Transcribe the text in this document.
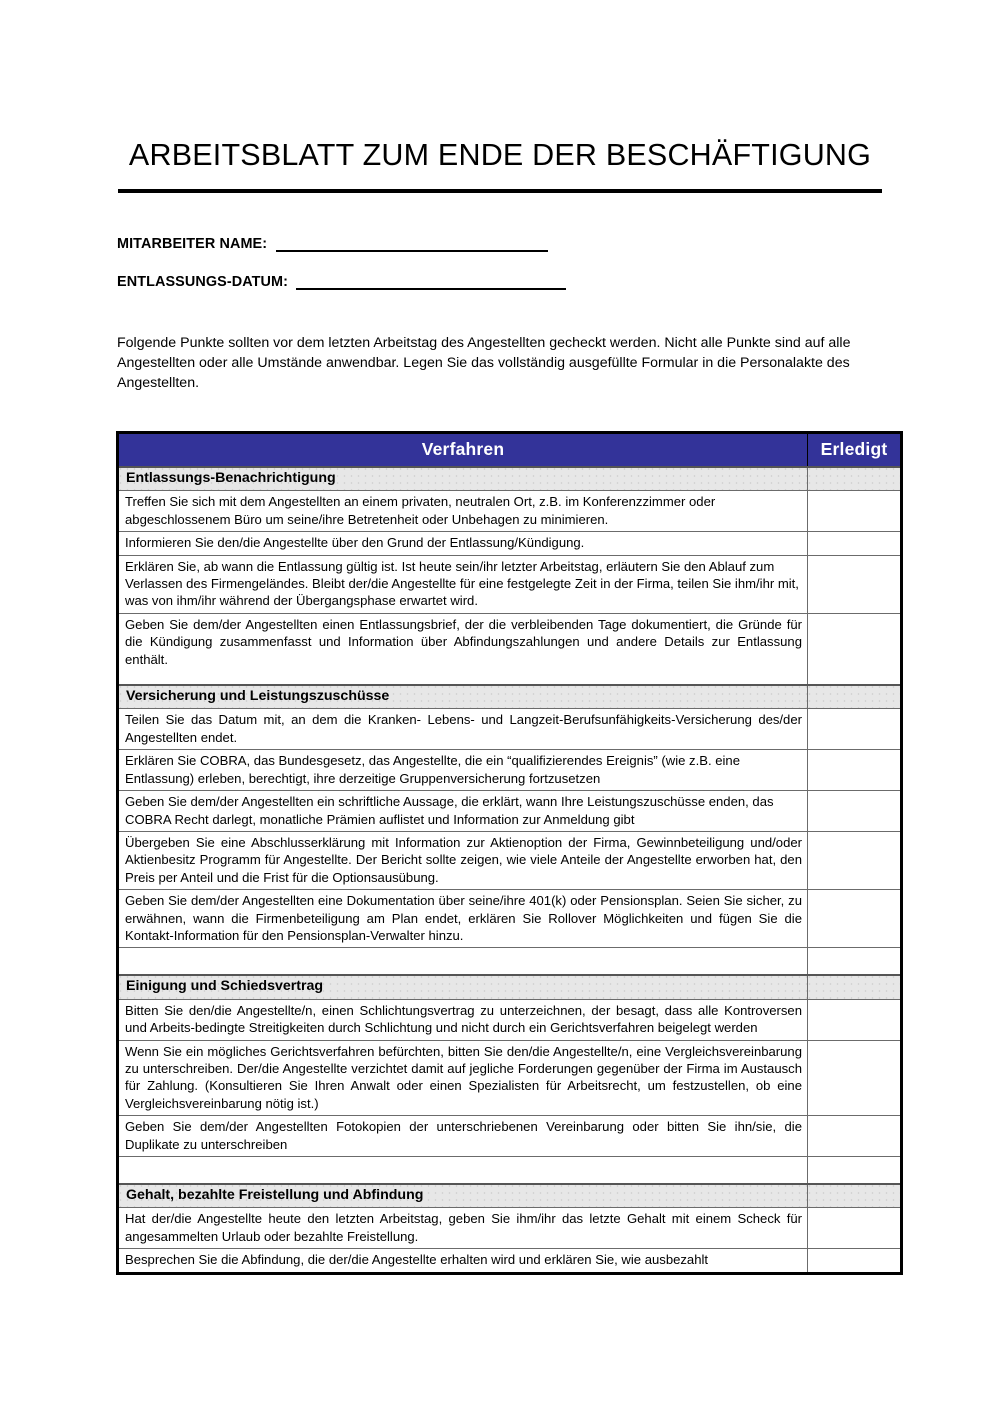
ARBEITSBLATT ZUM ENDE DER BESCHÄFTIGUNG
MITARBEITER NAME:
ENTLASSUNGS-DATUM:

Folgende Punkte sollten vor dem letzten Arbeitstag des Angestellten gecheckt werden. Nicht alle Punkte sind auf alle Angestellten oder alle Umstände anwendbar. Legen Sie das vollständig ausgefüllte Formular in die Personalakte des Angestellten.

Verfahren	Erledigt
Entlassungs-Benachrichtigung	
Treffen Sie sich mit dem Angestellten an einem privaten, neutralen Ort, z.B. im Konferenzzimmer oder abgeschlossenem Büro um seine/ihre Betretenheit oder Unbehagen zu minimieren.	
Informieren Sie den/die Angestellte über den Grund der Entlassung/Kündigung.	
Erklären Sie, ab wann die Entlassung gültig ist. Ist heute sein/ihr letzter Arbeitstag, erläutern Sie den Ablauf zum Verlassen des Firmengeländes. Bleibt der/die Angestellte für eine festgelegte Zeit in der Firma, teilen Sie ihm/ihr mit, was von ihm/ihr während der Übergangsphase erwartet wird.	
Geben Sie dem/der Angestellten einen Entlassungsbrief, der die verbleibenden Tage dokumentiert, die Gründe für die Kündigung zusammenfasst und Information über Abfindungszahlungen und andere Details zur Entlassung enthält.	
Versicherung und Leistungszuschüsse	
Teilen Sie das Datum mit, an dem die Kranken- Lebens- und Langzeit-Berufsunfähigkeits-Versicherung des/der Angestellten endet.	
Erklären Sie COBRA, das Bundesgesetz, das Angestellte, die ein “qualifizierendes Ereignis” (wie z.B. eine Entlassung) erleben, berechtigt, ihre derzeitige Gruppenversicherung fortzusetzen	
Geben Sie dem/der Angestellten ein schriftliche Aussage, die erklärt, wann Ihre Leistungszuschüsse enden, das COBRA Recht darlegt, monatliche Prämien auflistet und Information zur Anmeldung gibt	
Übergeben Sie eine Abschlusserklärung mit Information zur Aktienoption der Firma, Gewinnbeteiligung und/oder Aktienbesitz Programm für Angestellte. Der Bericht sollte zeigen, wie viele Anteile der Angestellte erworben hat, den Preis per Anteil und die Frist für die Optionsausübung.	
Geben Sie dem/der Angestellten eine Dokumentation über seine/ihre 401(k) oder Pensionsplan. Seien Sie sicher, zu erwähnen, wann die Firmenbeteiligung am Plan endet, erklären Sie Rollover Möglichkeiten und fügen Sie die Kontakt-Information für den Pensionsplan-Verwalter hinzu.	

Einigung und Schiedsvertrag	
Bitten Sie den/die Angestellte/n, einen Schlichtungsvertrag zu unterzeichnen, der besagt, dass alle Kontroversen und Arbeits-bedingte Streitigkeiten durch Schlichtung und nicht durch ein Gerichtsverfahren beigelegt werden	
Wenn Sie ein mögliches Gerichtsverfahren befürchten, bitten Sie den/die Angestellte/n, eine Vergleichsvereinbarung zu unterschreiben. Der/die Angestellte verzichtet damit auf jegliche Forderungen gegenüber der Firma im Austausch für Zahlung. (Konsultieren Sie Ihren Anwalt oder einen Spezialisten für Arbeitsrecht, um festzustellen, ob eine Vergleichsvereinbarung nötig ist.)	
Geben Sie dem/der Angestellten Fotokopien der unterschriebenen Vereinbarung oder bitten Sie ihn/sie, die Duplikate zu unterschreiben	

Gehalt, bezahlte Freistellung und Abfindung	
Hat der/die Angestellte heute den letzten Arbeitstag, geben Sie ihm/ihr das letzte Gehalt mit einem Scheck für angesammelten Urlaub oder bezahlte Freistellung.	
Besprechen Sie die Abfindung, die der/die Angestellte erhalten wird und erklären Sie, wie ausbezahlt	
